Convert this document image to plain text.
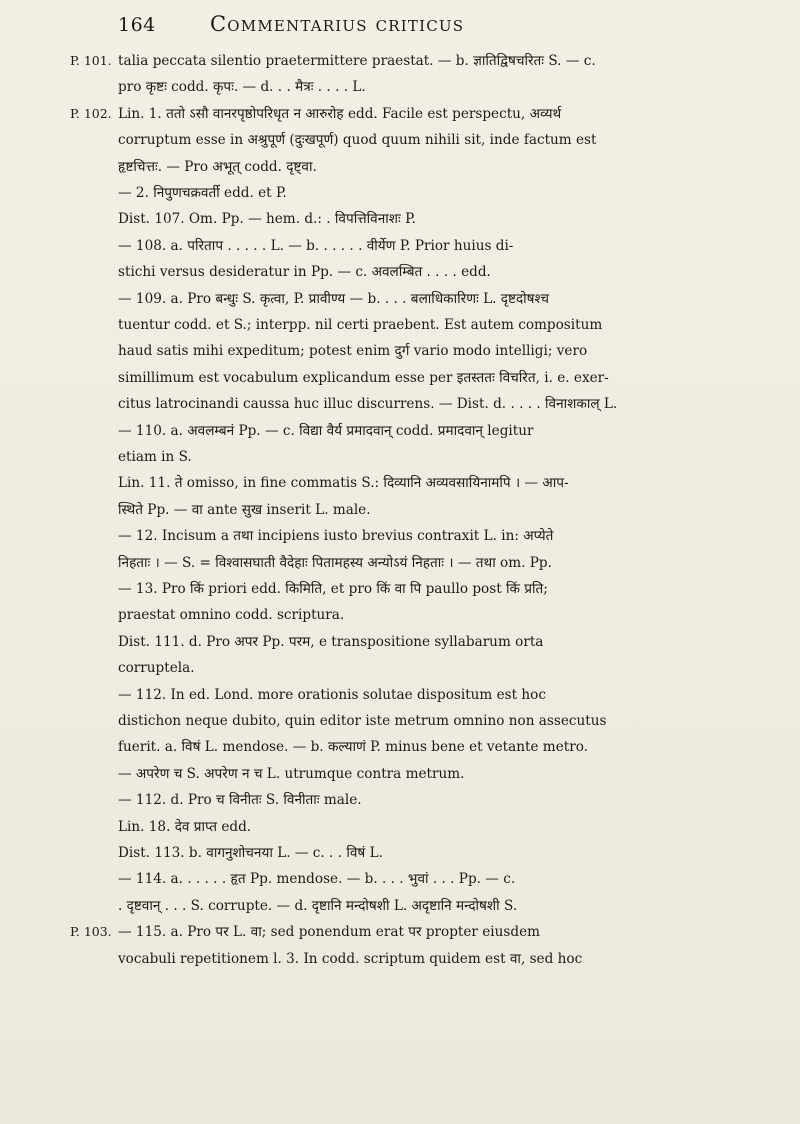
164	Commentarius criticus
P. 101. talia peccata silentio praetermittere praestat. — b. ज्ञातिद्विषचरितः S. — c.
pro कृष्टः codd. कृपः. — d. . . मैत्रः . . . . L.
P. 102. Lin. 1. ततो ऽसौ वानरपृष्ठोपरिधृत न आरुरोह edd. Facile est perspectu, अव्यर्थ
corruptum esse in अश्रुपूर्ण (दुःखपूर्ण) quod quum nihili sit, inde factum est
हृष्टचित्तः. — Pro अभूत् codd. दृष्ट्वा.
— 2. निपुणचक्रवर्ती edd. et P.
Dist. 107. Om. Pp. — hem. d.: . विपत्तिविनाशः P.
— 108. a. परिताप . . . . . L. — b. . . . . . वीर्येण P. Prior huius di-
stichi versus desideratur in Pp. — c. अवलम्बित . . . . edd.
— 109. a. Pro बन्धुः S. कृत्वा, P. प्रावीण्य — b. . . . बलाधिकारिणः L. दृष्टदोषश्च
tuentur codd. et S.; interpp. nil certi praebent. Est autem compositum
haud satis mihi expeditum; potest enim दुर्ग vario modo intelligi; vero
simillimum est vocabulum explicandum esse per इतस्ततः विचरित, i. e. exer-
citus latrocinandi caussa huc illuc discurrens. — Dist. d. . . . . विनाशकाल् L.
— 110. a. अवलम्बनं Pp. — c. विद्या वैर्य प्रमादवान् codd. प्रमादवान् legitur
etiam in S.
Lin. 11. ते omisso, in fine commatis S.: दिव्यानि अव्यवसायिनामपि । — आप-
स्थिते Pp. — वा ante सुख inserit L. male.
— 12. Incisum a तथा incipiens iusto brevius contraxit L. in: अप्येते
निहताः । — S. = विश्वासघाती वैदेहाः पितामहस्य अन्योऽयं निहताः । — तथा om. Pp.
— 13. Pro किं priori edd. किमिति, et pro किं वा पि paullo post किं प्रति;
praestat omnino codd. scriptura.
Dist. 111. d. Pro अपर Pp. परम, e transpositione syllabarum orta
corruptela.
— 112. In ed. Lond. more orationis solutae dispositum est hoc
distichon neque dubito, quin editor iste metrum omnino non assecutus
fuerit. a. विषं L. mendose. — b. कल्याणं P. minus bene et vetante metro.
— अपरेण च S. अपरेण न च L. utrumque contra metrum.
— 112. d. Pro च विनीतः S. विनीताः male.
Lin. 18. देव प्राप्त edd.
Dist. 113. b. वागनुशोचनया L. — c. . . विषं L.
— 114. a. . . . . . हृत Pp. mendose. — b. . . . भुवां . . . Pp. — c.
. दृष्टवान् . . . S. corrupte. — d. दृष्टानि मन्दोषशी L. अदृष्टानि मन्दोषशी S.
P. 103. — 115. a. Pro पर L. वा; sed ponendum erat पर propter eiusdem
vocabuli repetitionem l. 3. In codd. scriptum quidem est वा, sed hoc
